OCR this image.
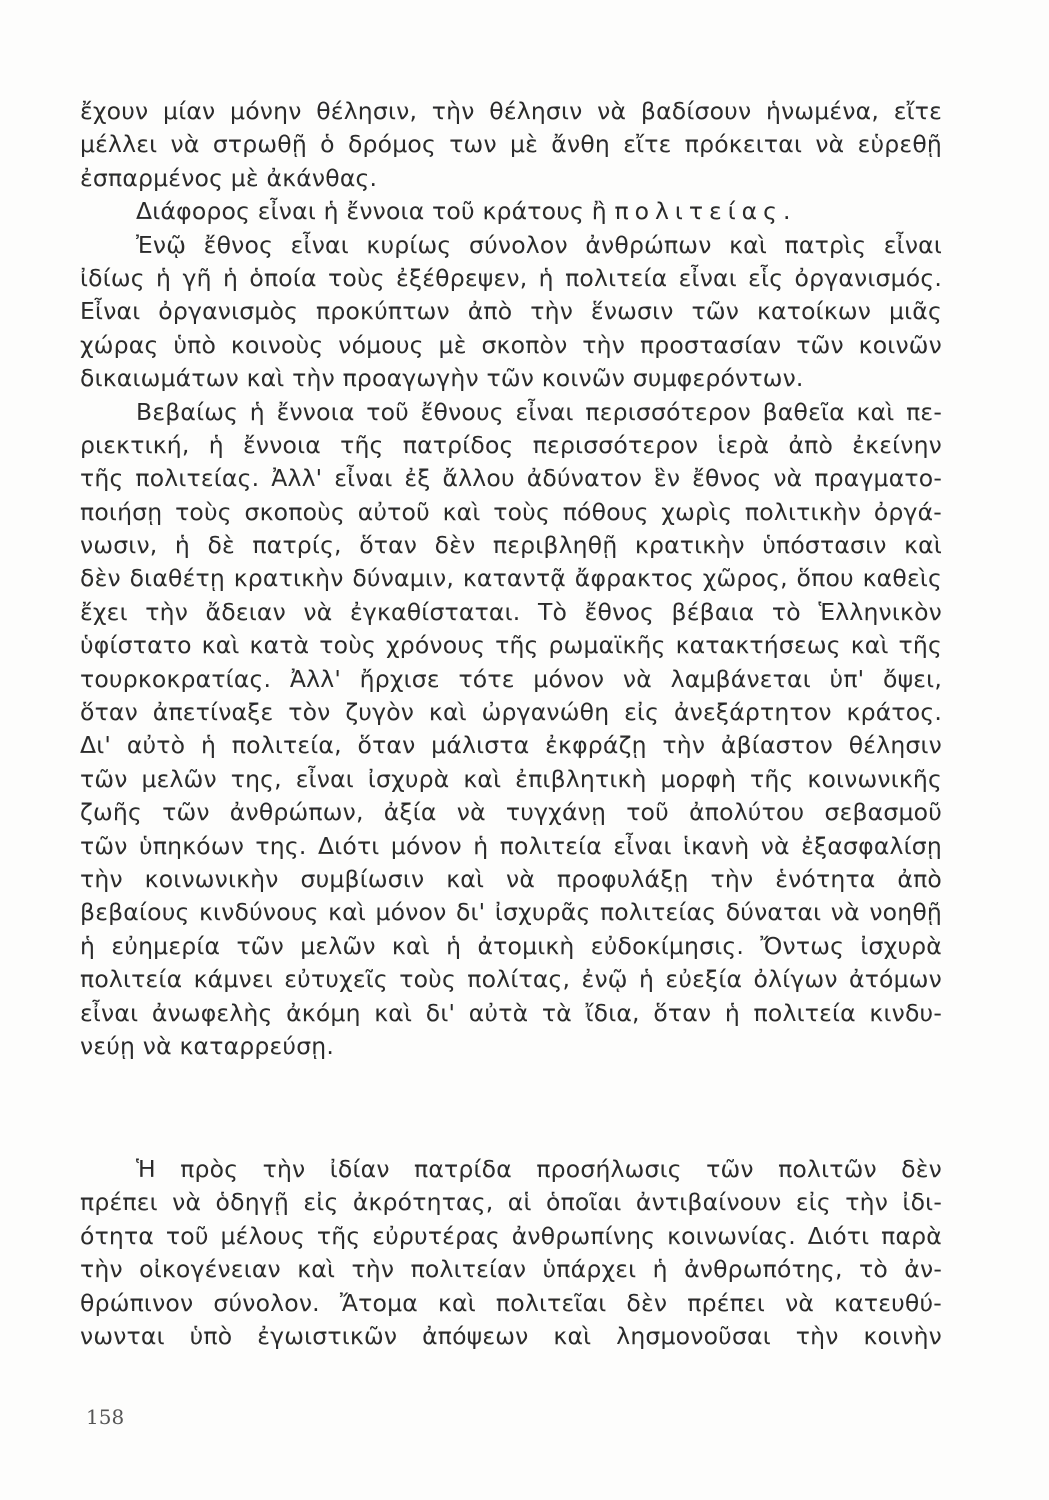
ἔχουν μίαν μόνην θέλησιν, τὴν θέλησιν νὰ βαδίσουν ἡνωμένα, εἴτε
μέλλει νὰ στρωθῇ ὁ δρόμος των μὲ ἄνθη εἴτε πρόκειται νὰ εὑρεθῇ
ἐσπαρμένος μὲ ἀκάνθας.
Διάφορος εἶναι ἡ ἔννοια τοῦ κράτους ἢ πολιτείας.
Ἐνῷ ἔθνος εἶναι κυρίως σύνολον ἀνθρώπων καὶ πατρὶς εἶναι
ἰδίως ἡ γῆ ἡ ὁποία τοὺς ἐξέθρεψεν, ἡ πολιτεία εἶναι εἷς ὀργανισμός.
Εἶναι ὀργανισμὸς προκύπτων ἀπὸ τὴν ἕνωσιν τῶν κατοίκων μιᾶς
χώρας ὑπὸ κοινοὺς νόμους μὲ σκοπὸν τὴν προστασίαν τῶν κοινῶν
δικαιωμάτων καὶ τὴν προαγωγὴν τῶν κοινῶν συμφερόντων.
Βεβαίως ἡ ἔννοια τοῦ ἔθνους εἶναι περισσότερον βαθεῖα καὶ πε-
ριεκτική, ἡ ἔννοια τῆς πατρίδος περισσότερον ἱερὰ ἀπὸ ἐκείνην
τῆς πολιτείας. Ἀλλ' εἶναι ἐξ ἄλλου ἀδύνατον ἓν ἔθνος νὰ πραγματο-
ποιήσῃ τοὺς σκοποὺς αὐτοῦ καὶ τοὺς πόθους χωρὶς πολιτικὴν ὀργά-
νωσιν, ἡ δὲ πατρίς, ὅταν δὲν περιβληθῇ κρατικὴν ὑπόστασιν καὶ
δὲν διαθέτῃ κρατικὴν δύναμιν, καταντᾷ ἄφρακτος χῶρος, ὅπου καθεὶς
ἔχει τὴν ἄδειαν νὰ ἐγκαθίσταται. Τὸ ἔθνος βέβαια τὸ Ἑλληνικὸν
ὑφίστατο καὶ κατὰ τοὺς χρόνους τῆς ρωμαϊκῆς κατακτήσεως καὶ τῆς
τουρκοκρατίας. Ἀλλ' ἤρχισε τότε μόνον νὰ λαμβάνεται ὑπ' ὄψει,
ὅταν ἀπετίναξε τὸν ζυγὸν καὶ ὠργανώθη εἰς ἀνεξάρτητον κράτος.
Δι' αὐτὸ ἡ πολιτεία, ὅταν μάλιστα ἐκφράζῃ τὴν ἀβίαστον θέλησιν
τῶν μελῶν της, εἶναι ἰσχυρὰ καὶ ἐπιβλητικὴ μορφὴ τῆς κοινωνικῆς
ζωῆς τῶν ἀνθρώπων, ἀξία νὰ τυγχάνῃ τοῦ ἀπολύτου σεβασμοῦ
τῶν ὑπηκόων της. Διότι μόνον ἡ πολιτεία εἶναι ἱκανὴ νὰ ἐξασφαλίσῃ
τὴν κοινωνικὴν συμβίωσιν καὶ νὰ προφυλάξῃ τὴν ἑνότητα ἀπὸ
βεβαίους κινδύνους καὶ μόνον δι' ἰσχυρᾶς πολιτείας δύναται νὰ νοηθῇ
ἡ εὐημερία τῶν μελῶν καὶ ἡ ἀτομικὴ εὐδοκίμησις. Ὄντως ἰσχυρὰ
πολιτεία κάμνει εὐτυχεῖς τοὺς πολίτας, ἐνῷ ἡ εὐεξία ὀλίγων ἀτόμων
εἶναι ἀνωφελὴς ἀκόμη καὶ δι' αὐτὰ τὰ ἴδια, ὅταν ἡ πολιτεία κινδυ-
νεύῃ νὰ καταρρεύσῃ.
Ἡ πρὸς τὴν ἰδίαν πατρίδα προσήλωσις τῶν πολιτῶν δὲν
πρέπει νὰ ὁδηγῇ εἰς ἀκρότητας, αἱ ὁποῖαι ἀντιβαίνουν εἰς τὴν ἰδι-
ότητα τοῦ μέλους τῆς εὐρυτέρας ἀνθρωπίνης κοινωνίας. Διότι παρὰ
τὴν οἰκογένειαν καὶ τὴν πολιτείαν ὑπάρχει ἡ ἀνθρωπότης, τὸ ἀν-
θρώπινον σύνολον. Ἄτομα καὶ πολιτεῖαι δὲν πρέπει νὰ κατευθύ-
νωνται ὑπὸ ἐγωιστικῶν ἀπόψεων καὶ λησμονοῦσαι τὴν κοινὴν
158
